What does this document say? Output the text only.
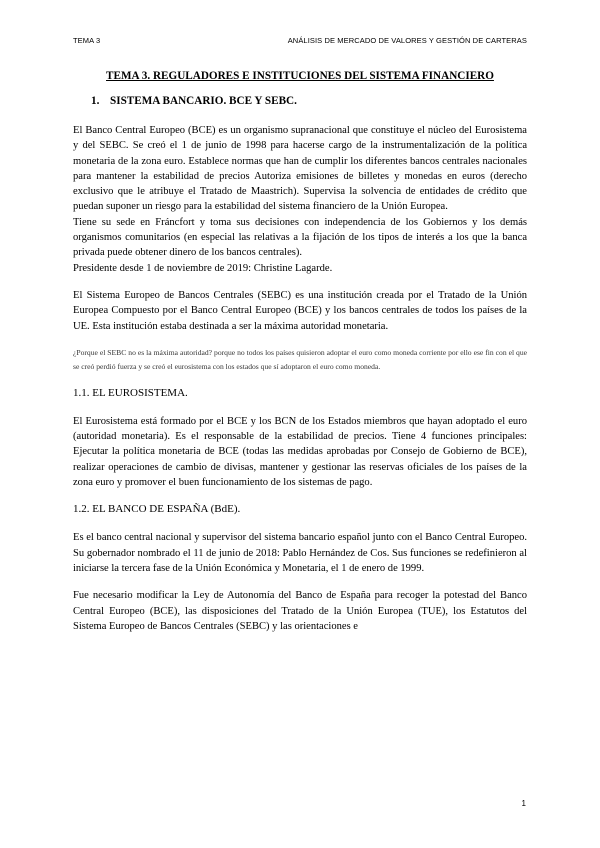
TEMA 3	ANÁLISIS DE MERCADO DE VALORES Y GESTIÓN DE CARTERAS
TEMA 3. REGULADORES E INSTITUCIONES DEL SISTEMA FINANCIERO
1. SISTEMA BANCARIO. BCE Y SEBC.

El Banco Central Europeo (BCE) es un organismo supranacional que constituye el núcleo del Eurosistema y del SEBC. Se creó el 1 de junio de 1998 para hacerse cargo de la instrumentalización de la política monetaria de la zona euro. Establece normas que han de cumplir los diferentes bancos centrales nacionales para mantener la estabilidad de precios Autoriza emisiones de billetes y monedas en euros (derecho exclusivo que le atribuye el Tratado de Maastrich). Supervisa la solvencia de entidades de crédito que puedan suponer un riesgo para la estabilidad del sistema financiero de la Unión Europea.

Tiene su sede en Fráncfort y toma sus decisiones con independencia de los Gobiernos y los demás organismos comunitarios (en especial las relativas a la fijación de los tipos de interés a los que la banca privada puede obtener dinero de los bancos centrales).

Presidente desde 1 de noviembre de 2019: Christine Lagarde.

El Sistema Europeo de Bancos Centrales (SEBC) es una institución creada por el Tratado de la Unión Europea Compuesto por el Banco Central Europeo (BCE) y los bancos centrales de todos los países de la UE. Esta institución estaba destinada a ser la máxima autoridad monetaria.

¿Porque el SEBC no es la máxima autoridad? porque no todos los países quisieron adoptar el euro como moneda corriente por ello ese fin con el que se creó perdió fuerza y se creó el eurosistema con los estados que sí adoptaron el euro como moneda.

1.1. EL EUROSISTEMA.

El Eurosistema está formado por el BCE y los BCN de los Estados miembros que hayan adoptado el euro (autoridad monetaria). Es el responsable de la estabilidad de precios. Tiene 4 funciones principales: Ejecutar la política monetaria de BCE (todas las medidas aprobadas por Consejo de Gobierno de BCE), realizar operaciones de cambio de divisas, mantener y gestionar las reservas oficiales de los países de la zona euro y promover el buen funcionamiento de los sistemas de pago.

1.2. EL BANCO DE ESPAÑA (BdE).

Es el banco central nacional y supervisor del sistema bancario español junto con el Banco Central Europeo. Su gobernador nombrado el 11 de junio de 2018: Pablo Hernández de Cos. Sus funciones se redefinieron al iniciarse la tercera fase de la Unión Económica y Monetaria, el 1 de enero de 1999.

Fue necesario modificar la Ley de Autonomía del Banco de España para recoger la potestad del Banco Central Europeo (BCE), las disposiciones del Tratado de la Unión Europea (TUE), los Estatutos del Sistema Europeo de Bancos Centrales (SEBC) y las orientaciones e

1
